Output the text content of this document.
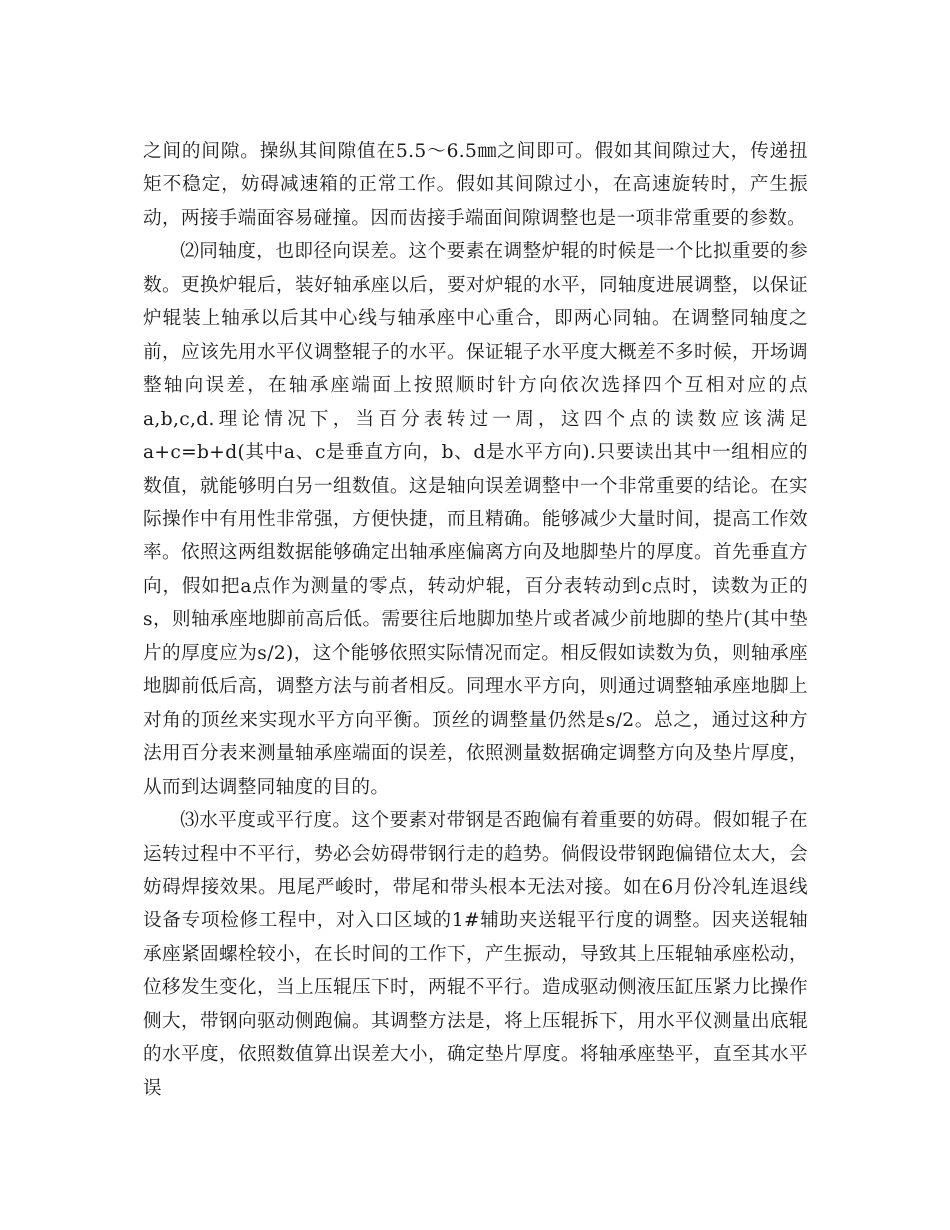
之间的间隙。操纵其间隙值在5.5～6.5㎜之间即可。假如其间隙过大，传递扭矩不稳定，妨碍减速箱的正常工作。假如其间隙过小，在高速旋转时，产生振动，两接手端面容易碰撞。因而齿接手端面间隙调整也是一项非常重要的参数。

⑵同轴度，也即径向误差。这个要素在调整炉辊的时候是一个比拟重要的参数。更换炉辊后，装好轴承座以后，要对炉辊的水平，同轴度进展调整，以保证炉辊装上轴承以后其中心线与轴承座中心重合，即两心同轴。在调整同轴度之前，应该先用水平仪调整辊子的水平。保证辊子水平度大概差不多时候，开场调整轴向误差，在轴承座端面上按照顺时针方向依次选择四个互相对应的点a,b,c,d.理论情况下，当百分表转过一周，这四个点的读数应该满足a+c=b+d(其中a、c是垂直方向，b、d是水平方向).只要读出其中一组相应的数值，就能够明白另一组数值。这是轴向误差调整中一个非常重要的结论。在实际操作中有用性非常强，方便快捷，而且精确。能够减少大量时间，提高工作效率。依照这两组数据能够确定出轴承座偏离方向及地脚垫片的厚度。首先垂直方向，假如把a点作为测量的零点，转动炉辊，百分表转动到c点时，读数为正的s，则轴承座地脚前高后低。需要往后地脚加垫片或者减少前地脚的垫片(其中垫片的厚度应为s/2)，这个能够依照实际情况而定。相反假如读数为负，则轴承座地脚前低后高，调整方法与前者相反。同理水平方向，则通过调整轴承座地脚上对角的顶丝来实现水平方向平衡。顶丝的调整量仍然是s/2。总之，通过这种方法用百分表来测量轴承座端面的误差，依照测量数据确定调整方向及垫片厚度，从而到达调整同轴度的目的。

⑶水平度或平行度。这个要素对带钢是否跑偏有着重要的妨碍。假如辊子在运转过程中不平行，势必会妨碍带钢行走的趋势。倘假设带钢跑偏错位太大，会妨碍焊接效果。甩尾严峻时，带尾和带头根本无法对接。如在6月份冷轧连退线设备专项检修工程中，对入口区域的1#辅助夹送辊平行度的调整。因夹送辊轴承座紧固螺栓较小，在长时间的工作下，产生振动，导致其上压辊轴承座松动，位移发生变化，当上压辊压下时，两辊不平行。造成驱动侧液压缸压紧力比操作侧大，带钢向驱动侧跑偏。其调整方法是，将上压辊拆下，用水平仪测量出底辊的水平度，依照数值算出误差大小，确定垫片厚度。将轴承座垫平，直至其水平误
